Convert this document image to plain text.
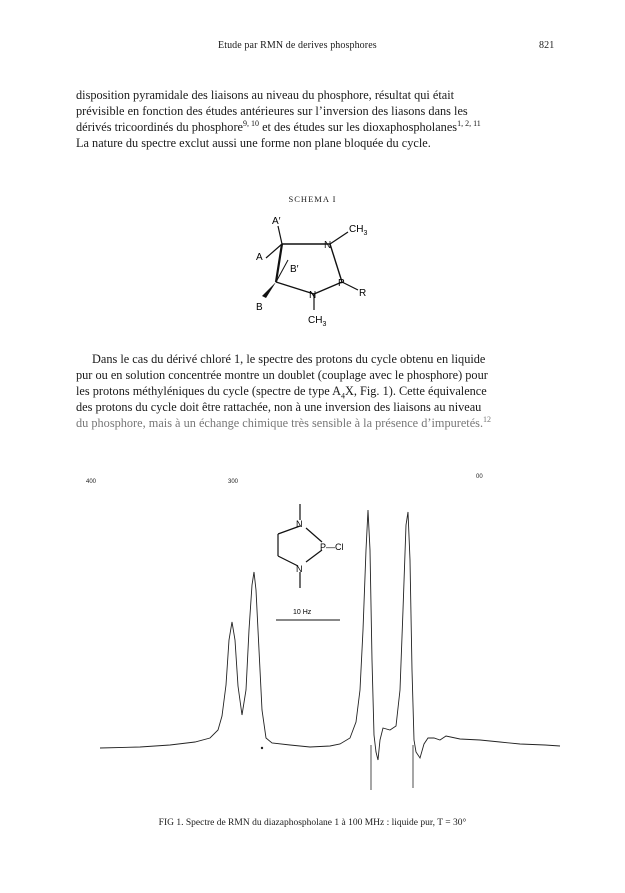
Etude par RMN de derives phosphores	821
disposition pyramidale des liaisons au niveau du phosphore, résultat qui était
prévisible en fonction des études antérieures sur l’inversion des liasons dans les
dérivés tricoordinés du phosphore$^{9, 10}$ et des études sur les dioxaphospholanes$^{1, 2, 11}$
La nature du spectre exclut aussi une forme non plane bloquée du cycle.
SCHEMA I
A′
A
B′
B
N
$CH_3$
P
R
N
$CH_3$
Dans le cas du dérivé chloré 1, le spectre des protons du cycle obtenu en liquide
pur ou en solution concentrée montre un doublet (couplage avec le phosphore) pour
les protons méthyléniques du cycle (spectre de type $A_4X$, Fig. 1). Cette équivalence
des protons du cycle doit être rattachée, non à une inversion des liaisons au niveau
du phosphore, mais à un échange chimique très sensible à la présence d’impuretés.$^{12}$
400	300
00
N
P—Cl
N
10 Hz
FIG 1. Spectre de RMN du diazaphospholane 1 à 100 MHz : liquide pur, T = 30°
